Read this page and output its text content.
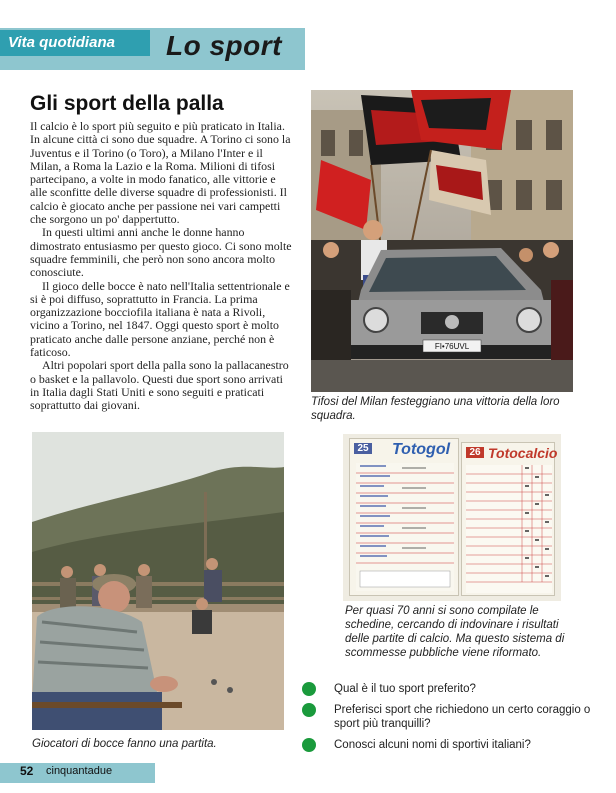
Vita quotidiana	Lo sport
Gli sport della palla

Il calcio è lo sport più seguito e più praticato in Italia. In alcune città ci sono due squadre. A Torino ci sono la Juventus e il Torino (o Toro), a Milano l'Inter e il Milan, a Roma la Lazio e la Roma. Milioni di tifosi partecipano, a volte in modo fanatico, alle vittorie e alle sconfitte delle diverse squadre di professionisti. Il calcio è giocato anche per passione nei vari campetti che sorgono un po' dappertutto.

In questi ultimi anni anche le donne hanno dimostrato entusiasmo per questo gioco. Ci sono molte squadre femminili, che però non sono ancora molto conosciute.

Il gioco delle bocce è nato nell'Italia settentrionale e si è poi diffuso, soprattutto in Francia. La prima organizzazione bocciofila italiana è nata a Rivoli, vicino a Torino, nel 1847. Oggi questo sport è molto praticato anche dalle persone anziane, perché non è faticoso.

Altri popolari sport della palla sono la pallacanestro o basket e la pallavolo. Questi due sport sono arrivati in Italia dagli Stati Uniti e sono seguiti e praticati soprattutto dai giovani.

FI•76UVL
Tifosi del Milan festeggiano una vittoria della loro squadra.
Giocatori di bocce fanno una partita.
25 Totogol	26 Totocalcio
Per quasi 70 anni si sono compilate le schedine, cercando di indovinare i risultati delle partite di calcio. Ma questo sistema di scommesse pubbliche viene riformato.
Qual è il tuo sport preferito?
Preferisci sport che richiedono un certo coraggio o sport più tranquilli?
Conosci alcuni nomi di sportivi italiani?
52 cinquantadue
